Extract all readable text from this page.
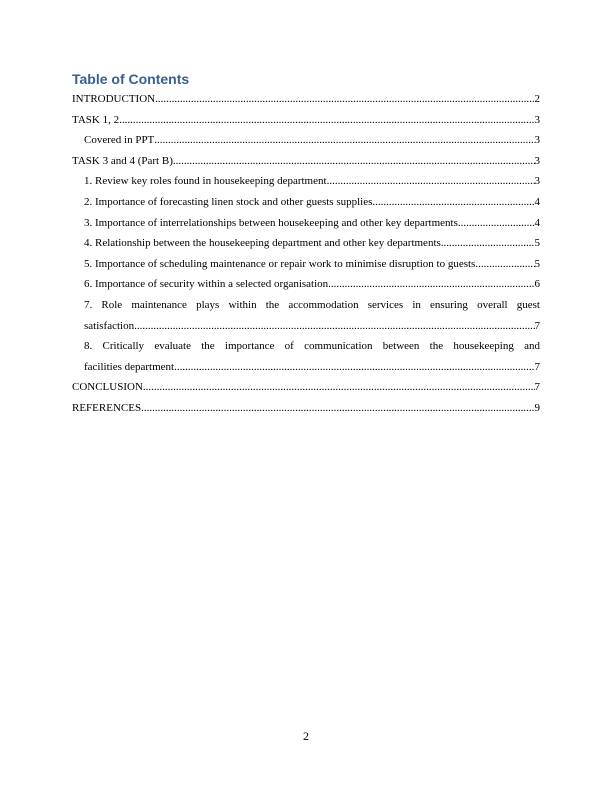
Table of Contents
INTRODUCTION .....	2
TASK 1, 2 .....	3
Covered in PPT .....	3
TASK 3 and 4 (Part B) .....	3
1. Review key roles found in housekeeping department .....	3
2. Importance of forecasting linen stock and other guests supplies .....	4
3. Importance of interrelationships between housekeeping and other key departments .....	4
4. Relationship between the housekeeping department and other key departments .....	5
5. Importance of scheduling maintenance or repair work to minimise disruption to guests .....	5
6. Importance of security within a selected organisation .....	6
7. Role maintenance plays within the accommodation services in ensuring overall guest
satisfaction .....	7
8. Critically evaluate the importance of communication between the housekeeping and
facilities department .....	7
CONCLUSION .....	7
REFERENCES .....	9
2
